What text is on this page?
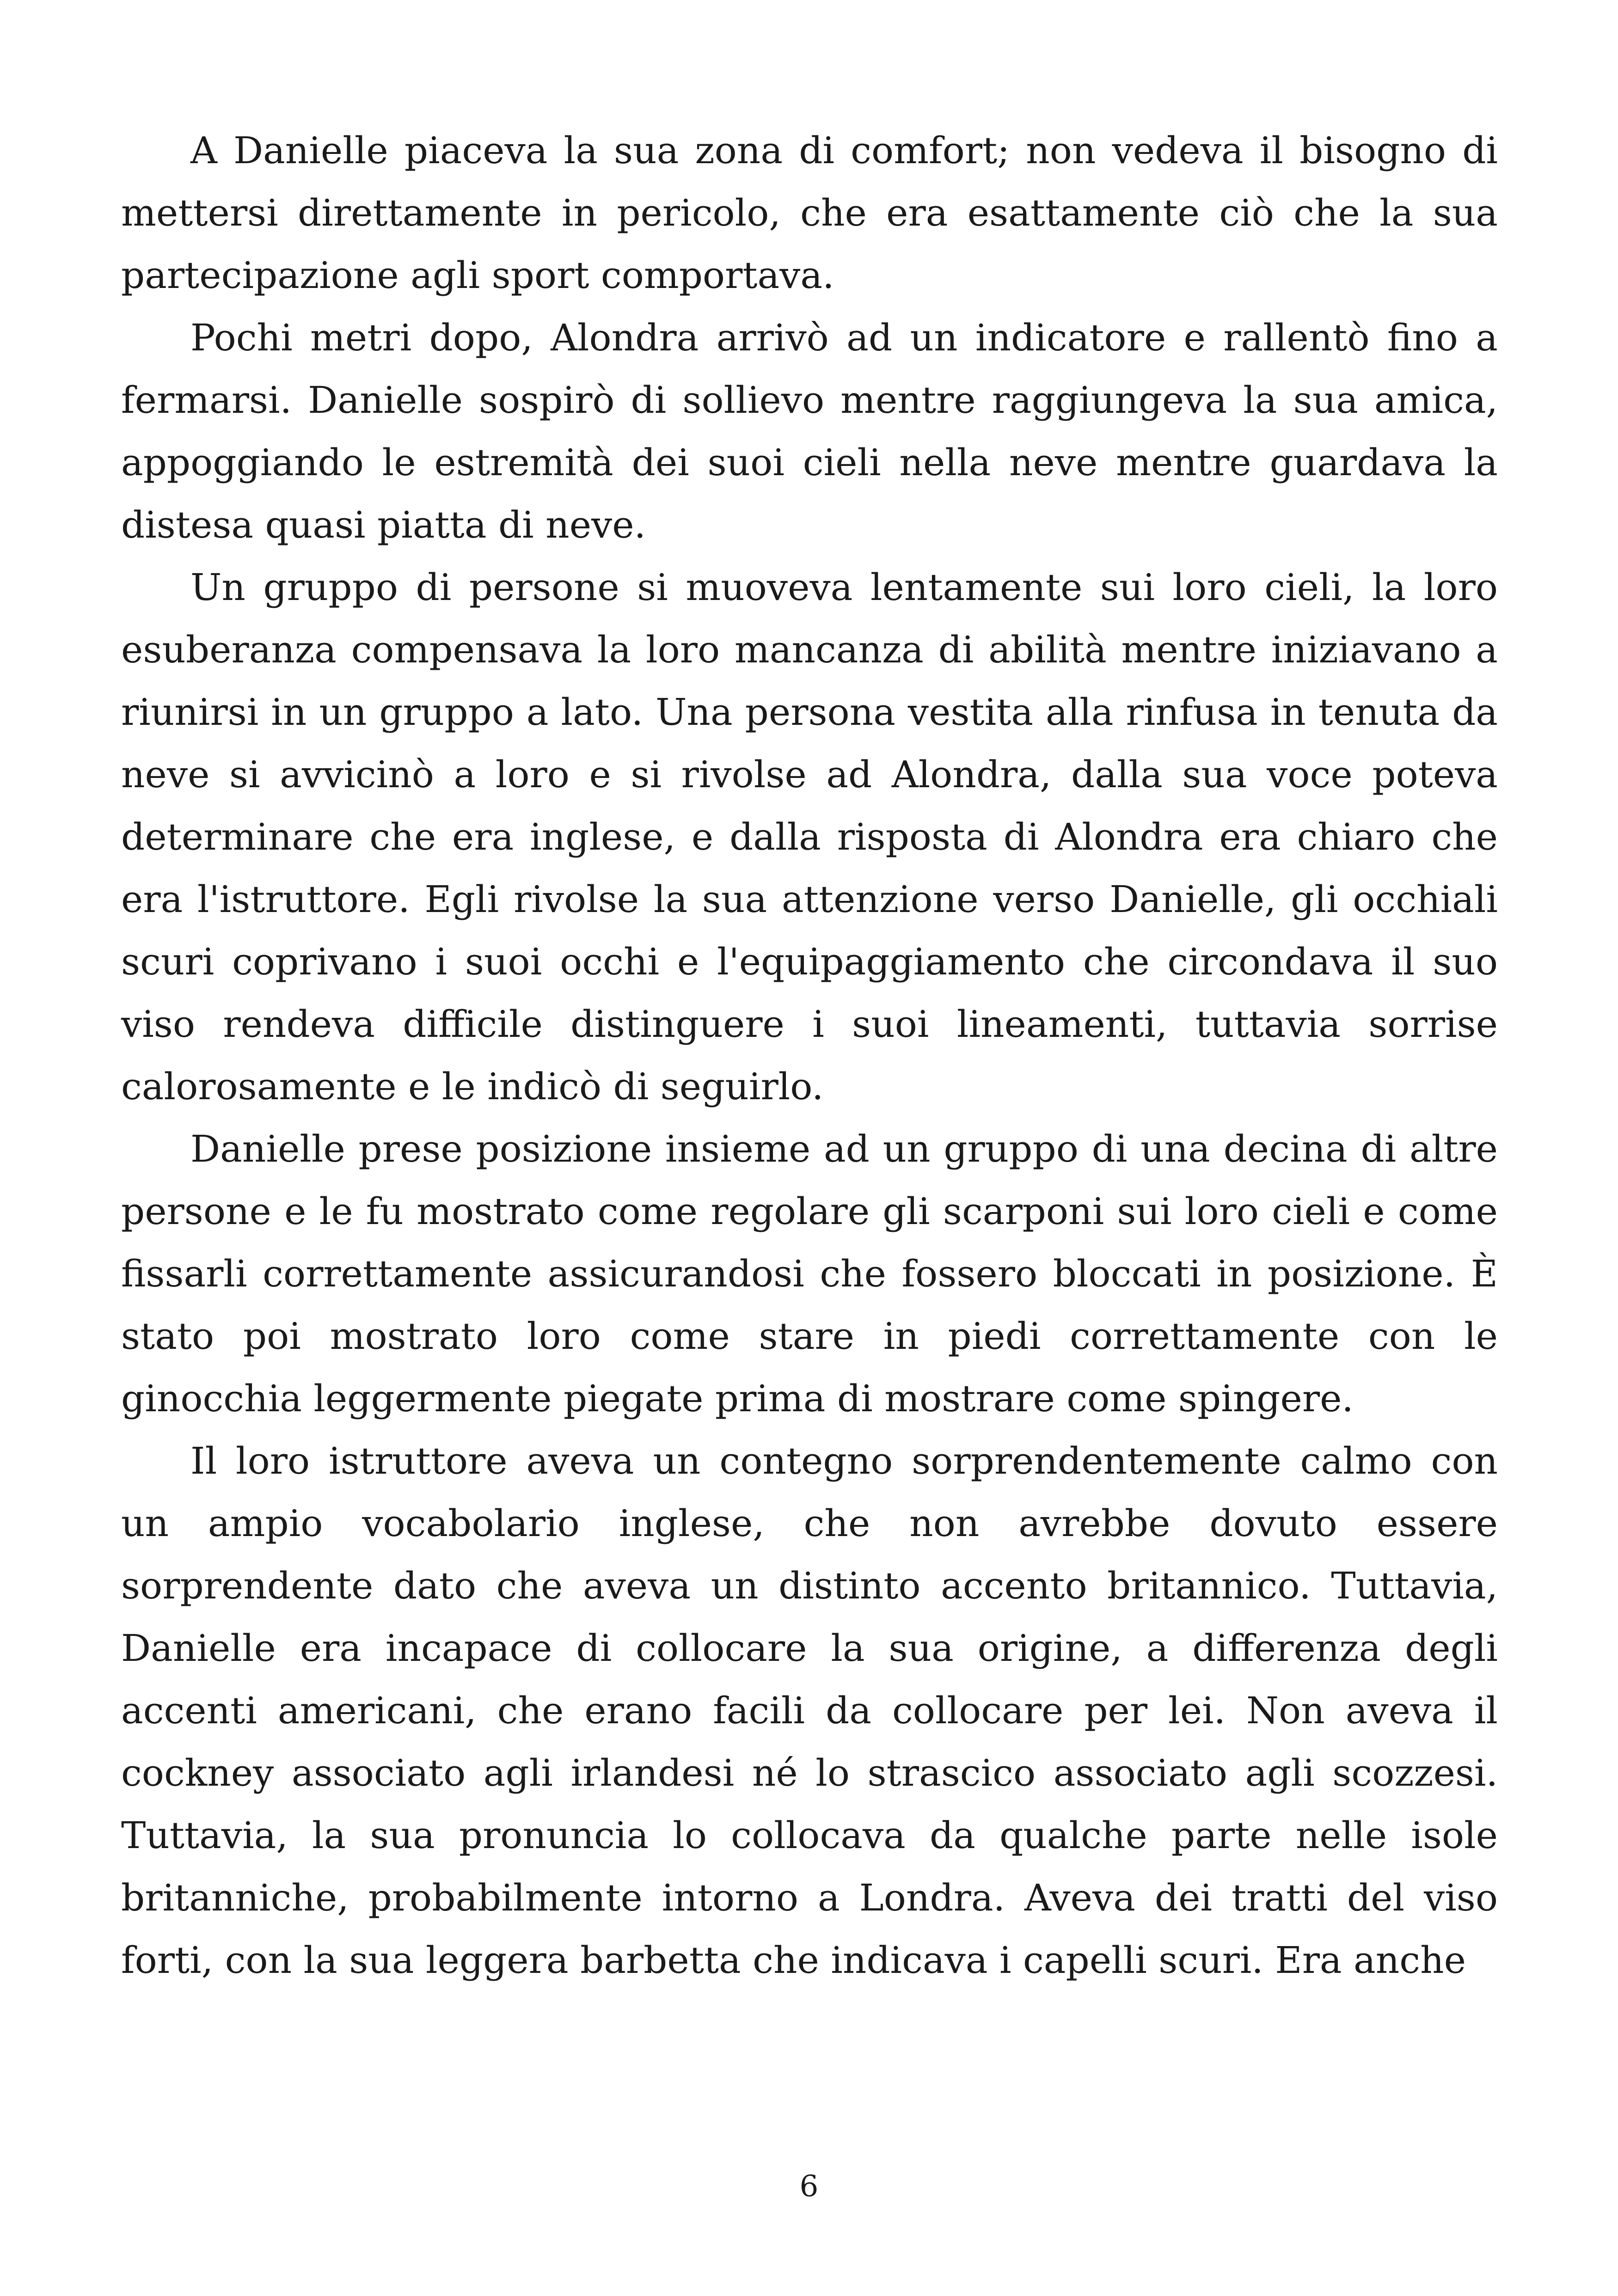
A Danielle piaceva la sua zona di comfort; non vedeva il bisogno di mettersi direttamente in pericolo, che era esattamente ciò che la sua partecipazione agli sport comportava.

Pochi metri dopo, Alondra arrivò ad un indicatore e rallentò fino a fermarsi. Danielle sospirò di sollievo mentre raggiungeva la sua amica, appoggiando le estremità dei suoi cieli nella neve mentre guardava la distesa quasi piatta di neve.

Un gruppo di persone si muoveva lentamente sui loro cieli, la loro esuberanza compensava la loro mancanza di abilità mentre iniziavano a riunirsi in un gruppo a lato. Una persona vestita alla rinfusa in tenuta da neve si avvicinò a loro e si rivolse ad Alondra, dalla sua voce poteva determinare che era inglese, e dalla risposta di Alondra era chiaro che era l'istruttore. Egli rivolse la sua attenzione verso Danielle, gli occhiali scuri coprivano i suoi occhi e l'equipaggiamento che circondava il suo viso rendeva difficile distinguere i suoi lineamenti, tuttavia sorrise calorosamente e le indicò di seguirlo.

Danielle prese posizione insieme ad un gruppo di una decina di altre persone e le fu mostrato come regolare gli scarponi sui loro cieli e come fissarli correttamente assicurandosi che fossero bloccati in posizione. È stato poi mostrato loro come stare in piedi correttamente con le ginocchia leggermente piegate prima di mostrare come spingere.

Il loro istruttore aveva un contegno sorprendentemente calmo con un ampio vocabolario inglese, che non avrebbe dovuto essere sorprendente dato che aveva un distinto accento britannico. Tuttavia, Danielle era incapace di collocare la sua origine, a differenza degli accenti americani, che erano facili da collocare per lei. Non aveva il cockney associato agli irlandesi né lo strascico associato agli scozzesi. Tuttavia, la sua pronuncia lo collocava da qualche parte nelle isole britanniche, probabilmente intorno a Londra. Aveva dei tratti del viso forti, con la sua leggera barbetta che indicava i capelli scuri. Era anche

6
